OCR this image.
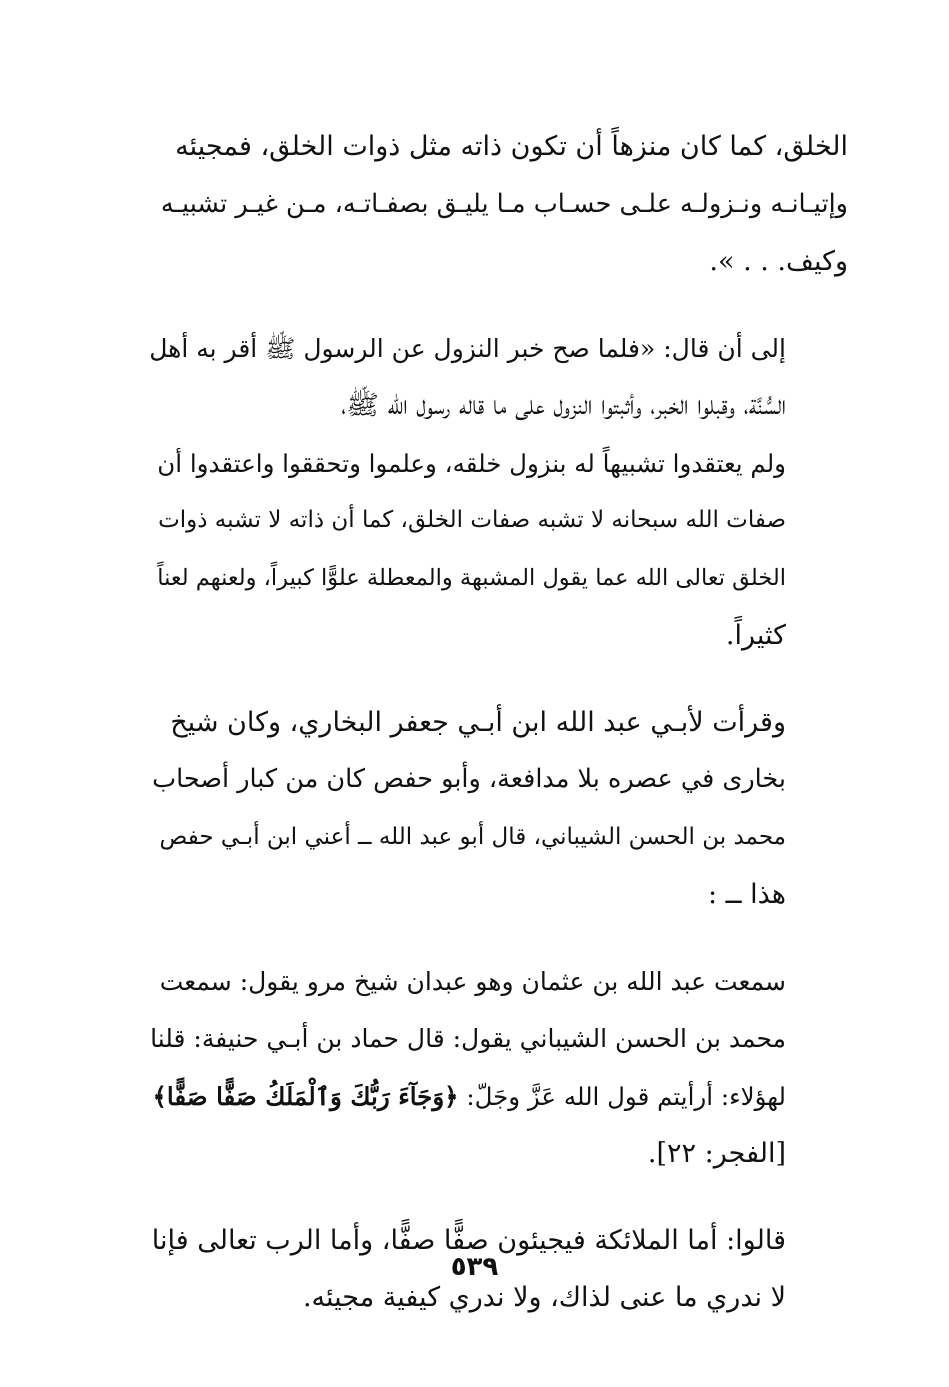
الخلق، كما كان منزهاً أن تكون ذاته مثل ذوات الخلق، فمجيئه
وإتيـانـه ونـزولـه علـى حسـاب مـا يليـق بصفـاتـه، مـن غيـر تشبيـه
وكيف. . . ».

إلى أن قال: «فلما صح خبر النزول عن الرسول ﷺ أقر به أهل
السُّنَّة، وقبلوا الخبر، وأثبتوا النزول على ما قاله رسول الله ﷺ،
ولم يعتقدوا تشبيهاً له بنزول خلقه، وعلموا وتحققوا واعتقدوا أن
صفات الله سبحانه لا تشبه صفات الخلق، كما أن ذاته لا تشبه ذوات
الخلق تعالى الله عما يقول المشبهة والمعطلة علوًّا كبيراً، ولعنهم لعناً
كثيراً.

وقرأت لأبـي عبد الله ابن أبـي جعفر البخاري، وكان شيخ
بخارى في عصره بلا مدافعة، وأبو حفص كان من كبار أصحاب
محمد بن الحسن الشيباني، قال أبو عبد الله ــ أعني ابن أبـي حفص
هذا ــ :

سمعت عبد الله بن عثمان وهو عبدان شيخ مرو يقول: سمعت
محمد بن الحسن الشيباني يقول: قال حماد بن أبـي حنيفة: قلنا
لهؤلاء: أرأيتم قول الله عَزَّ وجَلّ: ﴿وَجَآءَ رَبُّكَ وَٱلْمَلَكُ صَفًّا صَفًّا﴾
[الفجر: ٢٢].

قالوا: أما الملائكة فيجيئون صفًّا صفًّا، وأما الرب تعالى فإنا
لا ندري ما عنى لذاك، ولا ندري كيفية مجيئه.

٥٣٩
